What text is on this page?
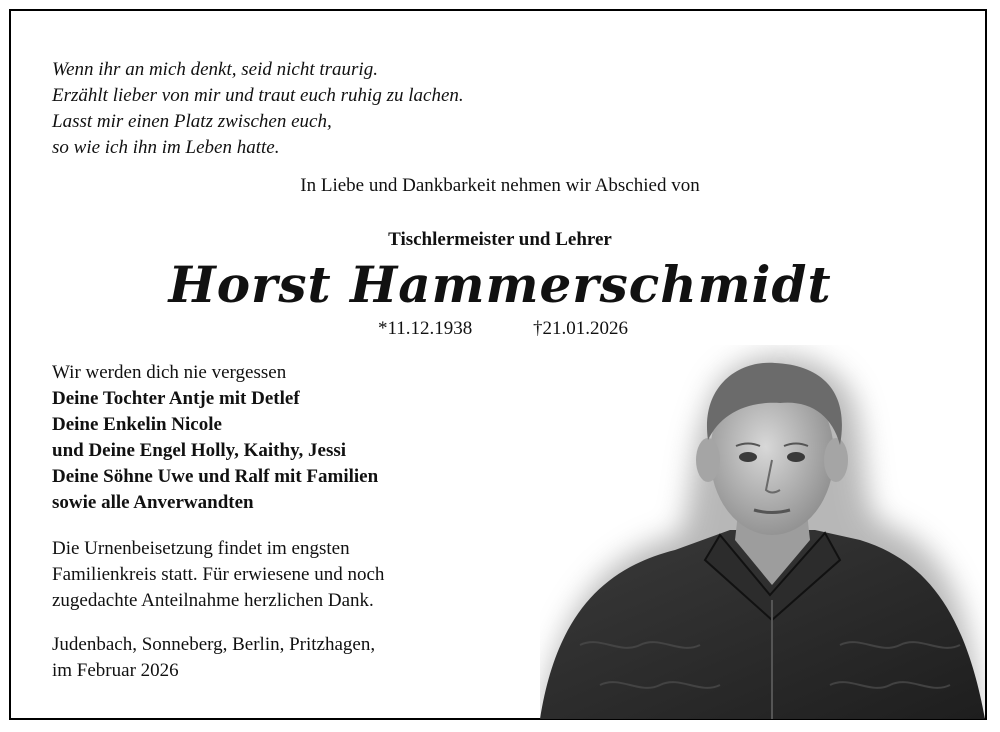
Wenn ihr an mich denkt, seid nicht traurig.
Erzählt lieber von mir und traut euch ruhig zu lachen.
Lasst mir einen Platz zwischen euch,
so wie ich ihn im Leben hatte.
In Liebe und Dankbarkeit nehmen wir Abschied von
Tischlermeister und Lehrer
Horst Hammerschmidt
*11.12.1938	†21.01.2026
Wir werden dich nie vergessen
Deine Tochter Antje mit Detlef
Deine Enkelin Nicole
und Deine Engel Holly, Kaithy, Jessi
Deine Söhne Uwe und Ralf mit Familien
sowie alle Anverwandten
Die Urnenbeisetzung findet im engsten
Familienkreis statt. Für erwiesene und noch
zugedachte Anteilnahme herzlichen Dank.
Judenbach, Sonneberg, Berlin, Pritzhagen,
im Februar 2026
